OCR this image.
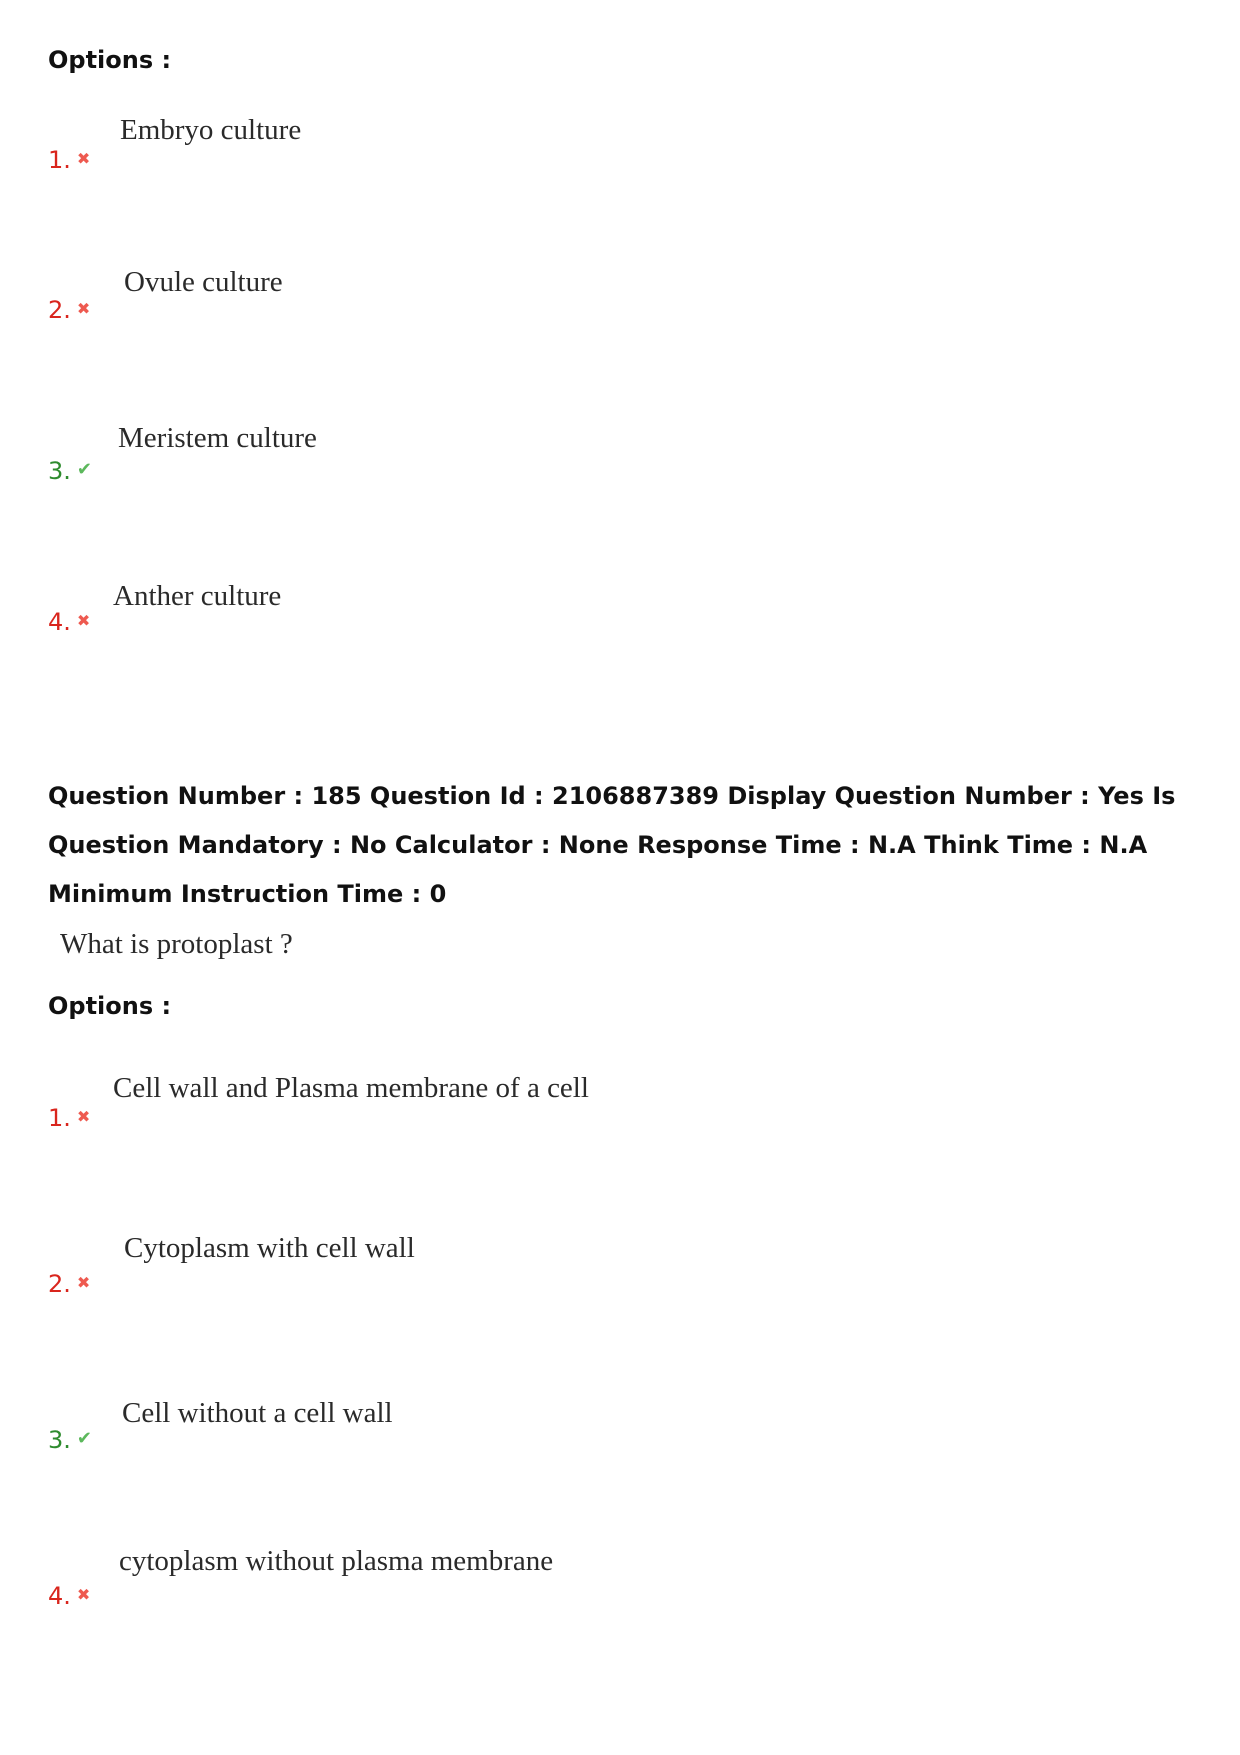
Options :
Embryo culture
1. ✖
Ovule culture
2. ✖
Meristem culture
3. ✔
Anther culture
4. ✖
Question Number : 185 Question Id : 2106887389 Display Question Number : Yes Is Question Mandatory : No Calculator : None Response Time : N.A Think Time : N.A Minimum Instruction Time : 0
What is protoplast ?
Options :
Cell wall and Plasma membrane of a cell
1. ✖
Cytoplasm with cell wall
2. ✖
Cell without a cell wall
3. ✔
cytoplasm without plasma membrane
4. ✖
